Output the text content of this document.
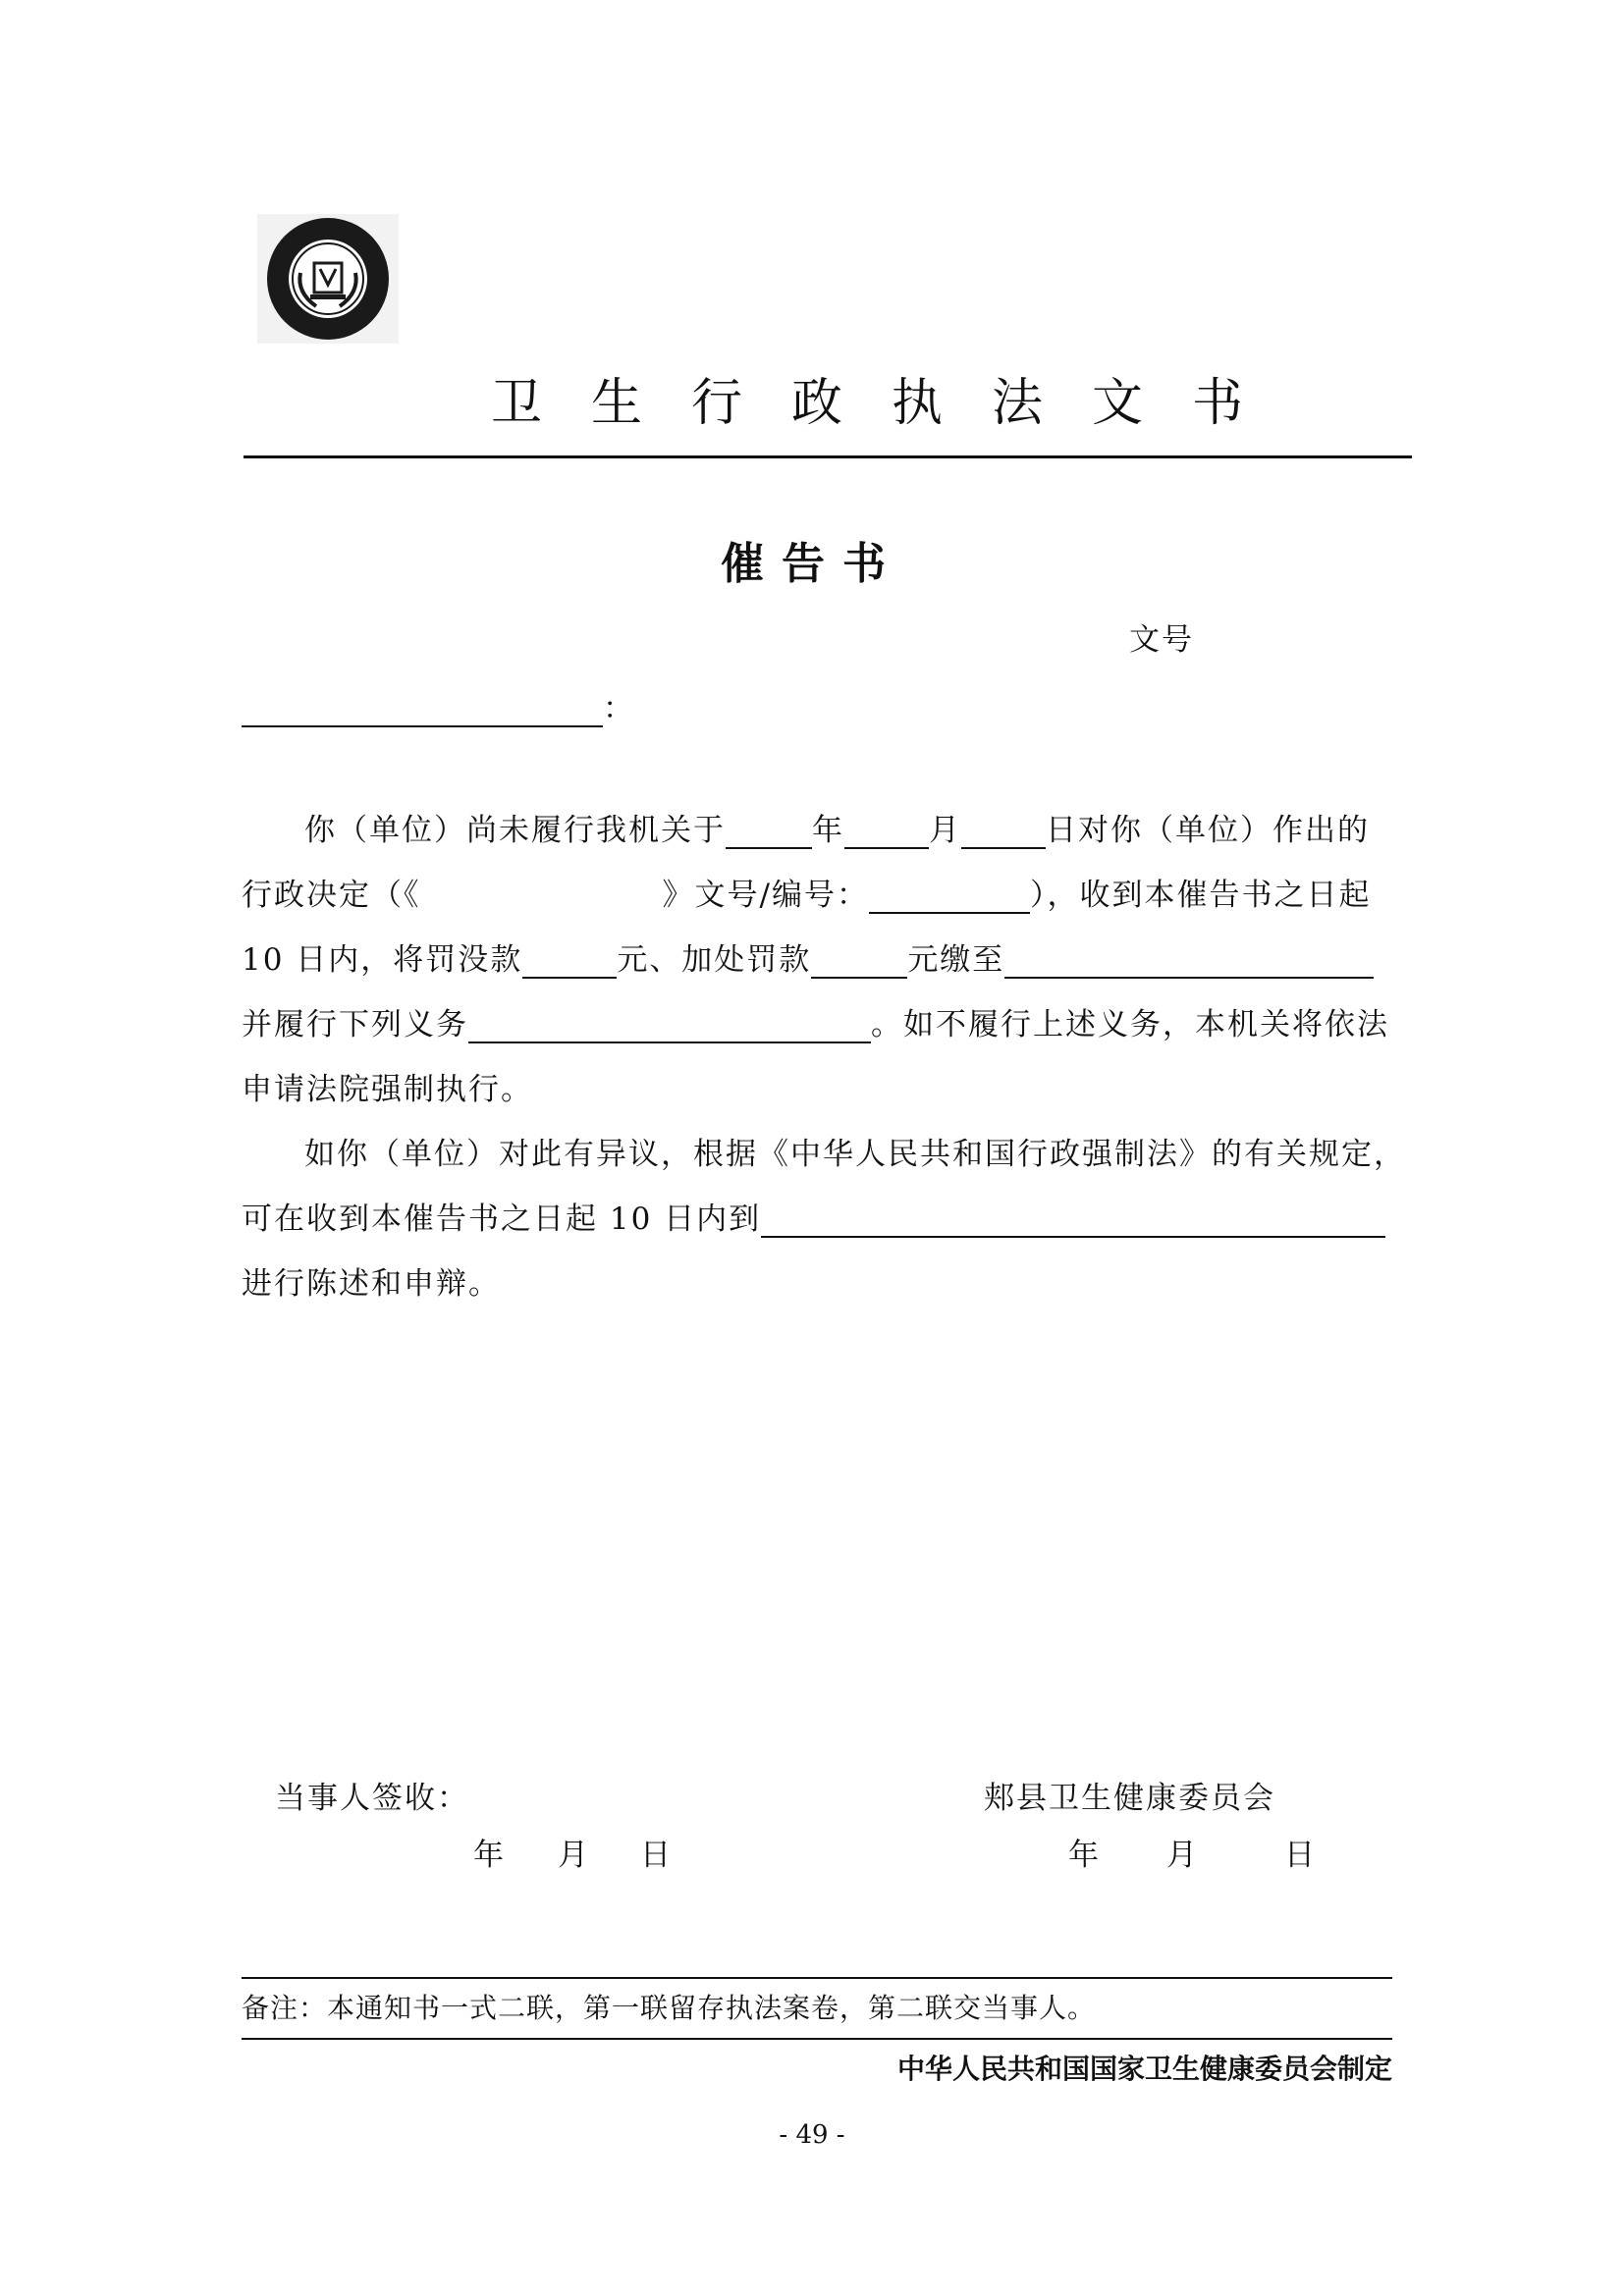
卫生行政执法文书
催告书
文号
：
你（单位）尚未履行我机关于	年	月	日对你（单位）作出的
行政决定（《	》文号/编号：	），收到本催告书之日起
10 日内，将罚没款	元、加处罚款	元缴至
并履行下列义务	。如不履行上述义务，本机关将依法
申请法院强制执行。
如你（单位）对此有异议，根据《中华人民共和国行政强制法》的有关规定，
可在收到本催告书之日起 10 日内到
进行陈述和申辩。
当事人签收：	郏县卫生健康委员会
年 月 日	年 月	日
备注：本通知书一式二联，第一联留存执法案卷，第二联交当事人。
中华人民共和国国家卫生健康委员会制定
- 49 -
